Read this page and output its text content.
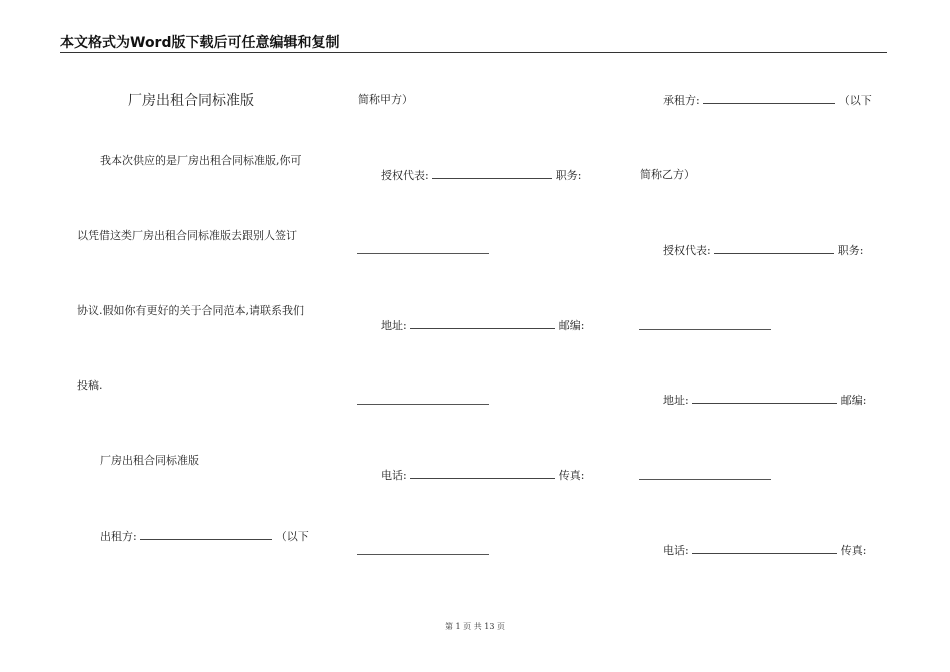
本文格式为Word版下载后可任意编辑和复制
厂房出租合同标准版
我本次供应的是厂房出租合同标准版,你可
以凭借这类厂房出租合同标准版去跟别人签订
协议.假如你有更好的关于合同范本,请联系我们
投稿.
厂房出租合同标准版
出租方:	（以下
简称甲方）
授权代表:	职务:
地址:	邮编:
电话:	传真:
承租方:	（以下
简称乙方）
授权代表:	职务:
地址:	邮编:
电话:	传真:
第 1 页 共 13 页
